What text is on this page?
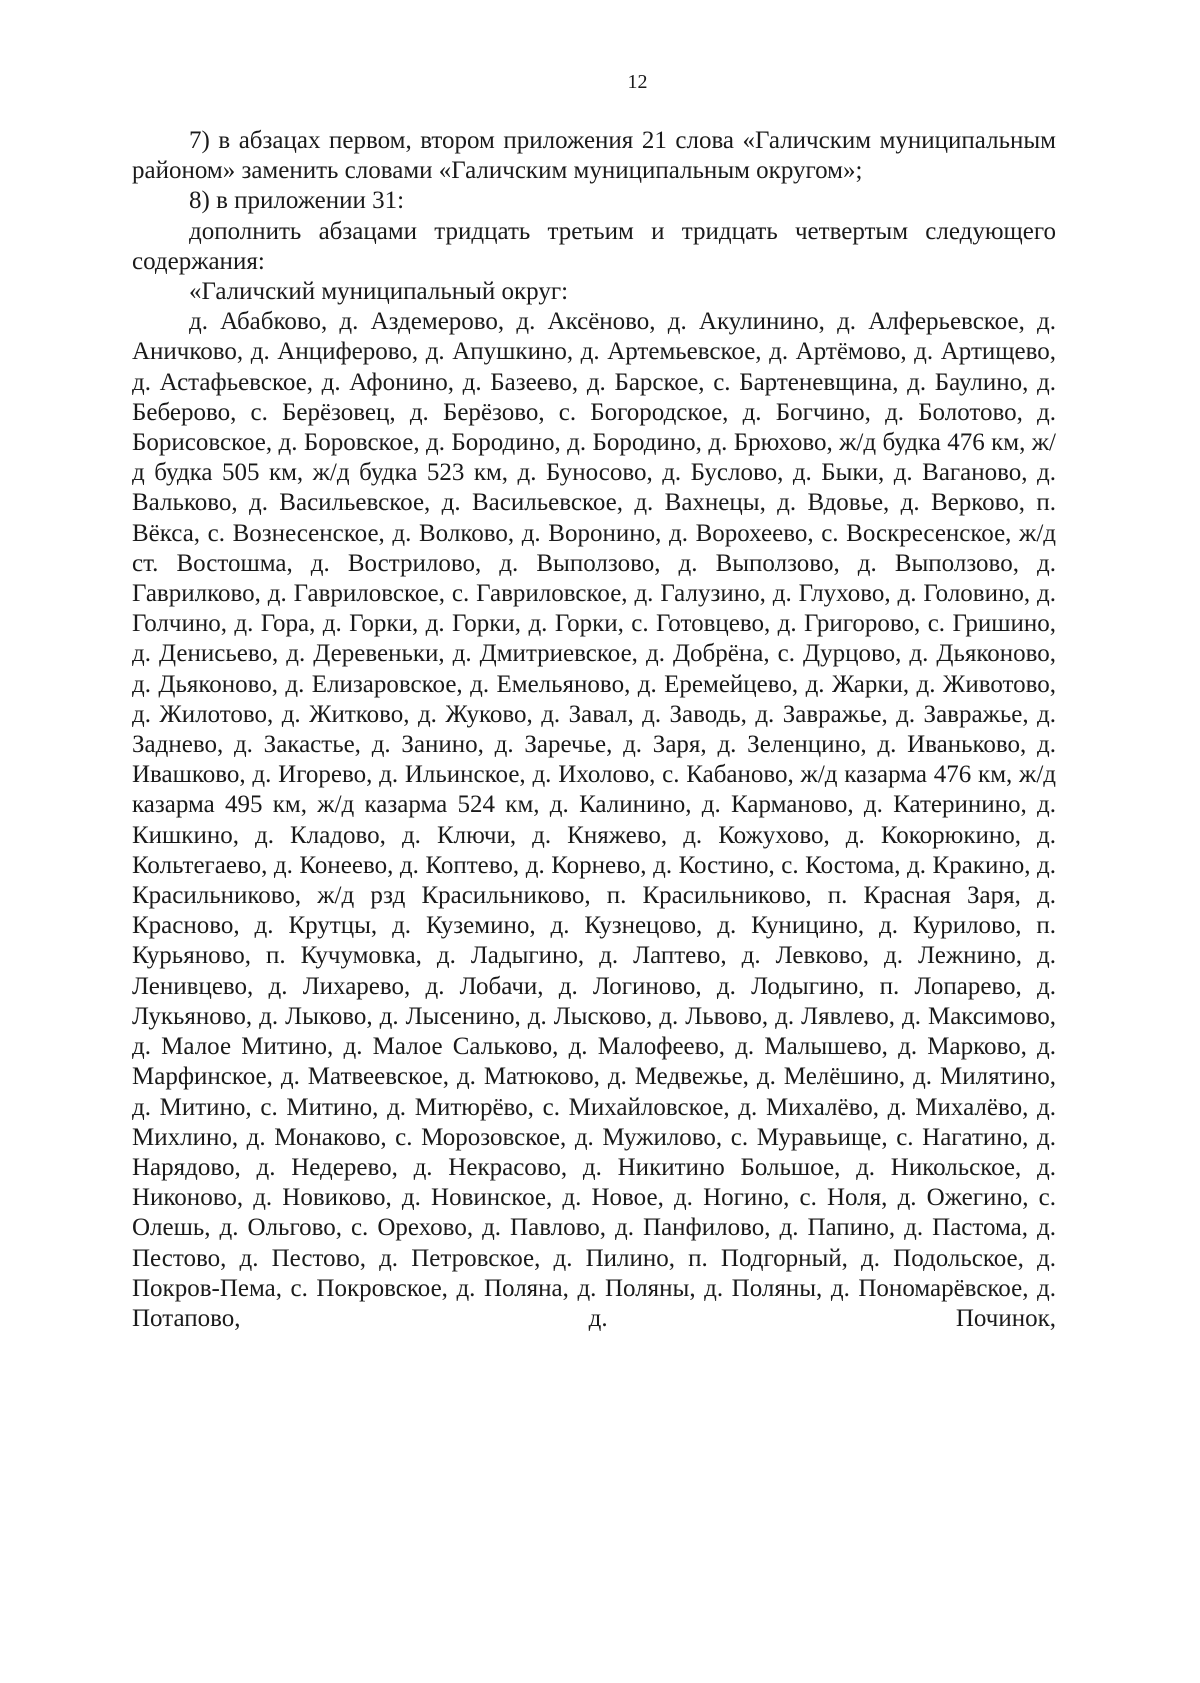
12

7) в абзацах первом, втором приложения 21 слова «Галичским муниципальным районом» заменить словами «Галичским муниципальным округом»;

8) в приложении 31:

дополнить абзацами тридцать третьим и тридцать четвертым следующего содержания:

«Галичский муниципальный округ:

д. Абабково, д. Аздемерово, д. Аксёново, д. Акулинино, д. Алферьевское, д. Аничково, д. Анциферово, д. Апушкино, д. Артемьевское, д. Артёмово, д. Артищево, д. Астафьевское, д. Афонино, д. Базеево, д. Барское, с. Бартеневщина, д. Баулино, д. Беберово, с. Берёзовец, д. Берёзово, с. Богородское, д. Богчино, д. Болотово, д. Борисовское, д. Боровское, д. Бородино, д. Бородино, д. Брюхово, ж/д будка 476 км, ж/д будка 505 км, ж/д будка 523 км, д. Буносово, д. Буслово, д. Быки, д. Ваганово, д. Вальково, д. Васильевское, д. Васильевское, д. Вахнецы, д. Вдовье, д. Верково, п. Вёкса, с. Вознесенское, д. Волково, д. Воронино, д. Ворохеево, с. Воскресенское, ж/д ст. Востошма, д. Вострилово, д. Выползово, д. Выползово, д. Выползово, д. Гаврилково, д. Гавриловское, с. Гавриловское, д. Галузино, д. Глухово, д. Головино, д. Голчино, д. Гора, д. Горки, д. Горки, д. Горки, с. Готовцево, д. Григорово, с. Гришино, д. Денисьево, д. Деревеньки, д. Дмитриевское, д. Добрёна, с. Дурцово, д. Дьяконово, д. Дьяконово, д. Елизаровское, д. Емельяново, д. Еремейцево, д. Жарки, д. Животово, д. Жилотово, д. Житково, д. Жуково, д. Завал, д. Заводь, д. Завражье, д. Завражье, д. Заднево, д. Закастье, д. Занино, д. Заречье, д. Заря, д. Зеленцино, д. Иваньково, д. Ивашково, д. Игорево, д. Ильинское, д. Ихолово, с. Кабаново, ж/д казарма 476 км, ж/д казарма 495 км, ж/д казарма 524 км, д. Калинино, д. Карманово, д. Катеринино, д. Кишкино, д. Кладово, д. Ключи, д. Княжево, д. Кожухово, д. Кокорюкино, д. Кольтегаево, д. Конеево, д. Коптево, д. Корнево, д. Костино, с. Костома, д. Кракино, д. Красильниково, ж/д рзд Красильниково, п. Красильниково, п. Красная Заря, д. Красново, д. Крутцы, д. Куземино, д. Кузнецово, д. Куницино, д. Курилово, п. Курьяново, п. Кучумовка, д. Ладыгино, д. Лаптево, д. Левково, д. Лежнино, д. Ленивцево, д. Лихарево, д. Лобачи, д. Логиново, д. Лодыгино, п. Лопарево, д. Лукьяново, д. Лыково, д. Лысенино, д. Лысково, д. Львово, д. Лявлево, д. Максимово, д. Малое Митино, д. Малое Сальково, д. Малофеево, д. Малышево, д. Марково, д. Марфинское, д. Матвеевское, д. Матюково, д. Медвежье, д. Мелёшино, д. Милятино, д. Митино, с. Митино, д. Митюрёво, с. Михайловское, д. Михалёво, д. Михалёво, д. Михлино, д. Монаково, с. Морозовское, д. Мужилово, с. Муравьище, с. Нагатино, д. Нарядово, д. Недерево, д. Некрасово, д. Никитино Большое, д. Никольское, д. Никоново, д. Новиково, д. Новинское, д. Новое, д. Ногино, с. Ноля, д. Ожегино, с. Олешь, д. Ольгово, с. Орехово, д. Павлово, д. Панфилово, д. Папино, д. Пастома, д. Пестово, д. Пестово, д. Петровское, д. Пилино, п. Подгорный, д. Подольское, д. Покров-Пема, с. Покровское, д. Поляна, д. Поляны, д. Поляны, д. Пономарёвское, д. Потапово, д. Починок,
